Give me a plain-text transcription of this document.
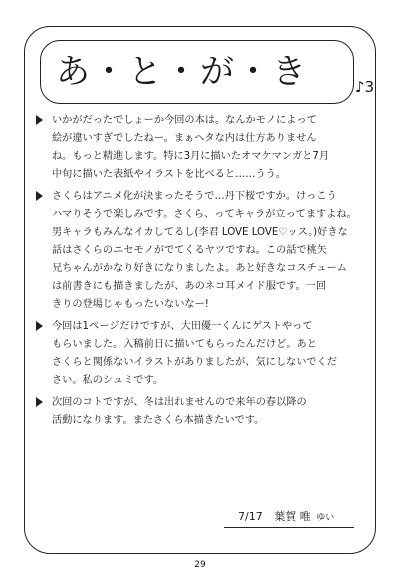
あ・と・が・き	♪3
いかがだったでしょーか今回の本は。なんかモノによって
絵が違いすぎでしたねー。まぁヘタな内は仕方ありません
ね。もっと精進します。特に3月に描いたオマケマンガと7月
中旬に描いた表紙やイラストを比べると……うう。
さくらはアニメ化が決まったそうで…丹下桜ですか。けっこう
ハマりそうで楽しみです。さくら、ってキャラが立ってますよね。
男キャラもみんなイカしてるし(李君 LOVE LOVE♡ッス。)好きな
話はさくらのニセモノがでてくるヤツですね。この話で桃矢
兄ちゃんがかなり好きになりましたよ。あと好きなコスチューム
は前書きにも描きましたが、あのネコ耳メイド服です。一回
きりの登場じゃもったいないなー!
今回は1ページだけですが、大田優一くんにゲストやって
もらいました。入稿前日に描いてもらったんだけど。あと
さくらと関係ないイラストがありましたが、気にしないでくだ
さい。私のシュミです。
次回のコトですが、冬は出れませんので来年の春以降の
活動になります。またさくら本描きたいです。
7/17 葉賀 唯 ゆい
29
